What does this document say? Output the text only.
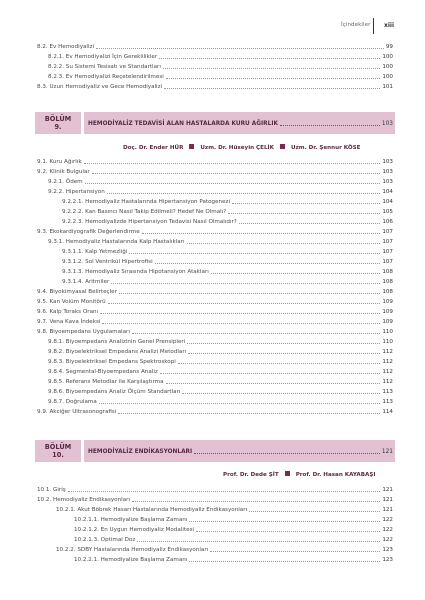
İçindekiler xiii
8.2. Ev Hemodiyalizi	99
8.2.1. Ev Hemodiyalizi İçin Gereklilikler	100
8.2.2. Su Sistemi Tesisatı ve Standartları	100
8.2.3. Ev Hemodiyalizi Reçetelendirilmesi	100
8.3. Uzun Hemodiyaliz ve Gece Hemodiyalizi	101
BÖLÜM
9.	HEMODİYALİZ TEDAVİSİ ALAN HASTALARDA KURU AĞIRLIK	103
Doç. Dr. Ender HÜR	Uzm. Dr. Hüseyin ÇELİK	Uzm. Dr. Şennur KÖSE
9.1. Kuru Ağırlık	103
9.2. Klinik Bulgular	103
9.2.1. Ödem	103
9.2.2. Hipertansiyon	104
9.2.2.1. Hemodiyaliz Hastalarında Hipertansiyon Patogenezi	104
9.2.2.2. Kan Basıncı Nasıl Takip Edilmeli? Hedef Ne Olmalı?	105
9.2.2.3. Hemodiyalizde Hipertansiyon Tedavisi Nasıl Olmalıdır?	106
9.3. Ekokardiyografik Değerlendirme	107
9.3.1. Hemodiyaliz Hastalarında Kalp Hastalıkları	107
9.3.1.1. Kalp Yetmezliği	107
9.3.1.2. Sol Ventrikül Hipertrofisi	107
9.3.1.3. Hemodiyaliz Sırasında Hipotansiyon Atakları	108
9.3.1.4. Aritmiler	108
9.4. Biyokimyasal Belirteçler	108
9.5. Kan Volüm Monitörü	109
9.6. Kalp Toraks Oranı	109
9.7. Vena Kava İndeksi	109
9.8. Biyoempedans Uygulamaları	110
9.8.1. Biyoempedans Analizinin Genel Prensipleri	110
9.8.2. Biyoelektriksel Empedans Analizi Metodları	112
9.8.3. Biyoelektriksel Empedans Spektroskopi	112
9.8.4. Segmental-Biyoempedans Analiz	112
9.8.5. Referans Metodlar ile Karşılaştırma	112
9.8.6. Biyoempedans Analiz Ölçüm Standartları	113
9.8.7. Doğrulama	113
9.9. Akciğer Ultrasonografisi	114
BÖLÜM
10.	HEMODİYALİZ ENDİKASYONLARI	121
Prof. Dr. Dede ŞİT	Prof. Dr. Hasan KAYABAŞI
10.1. Giriş	121
10.2. Hemodiyaliz Endikasyonları	121
10.2.1. Akut Böbrek Hasarı Hastalarında Hemodiyaliz Endikasyonları	121
10.2.1.1. Hemodiyalize Başlama Zamanı	122
10.2.1.2. En Uygun Hemodiyaliz Modalitesi	122
10.2.1.3. Optimal Doz	122
10.2.2. SDBY Hastalarında Hemodiyaliz Endikasyonları	123
10.2.2.1. Hemodiyalize Başlama Zamanı	123
